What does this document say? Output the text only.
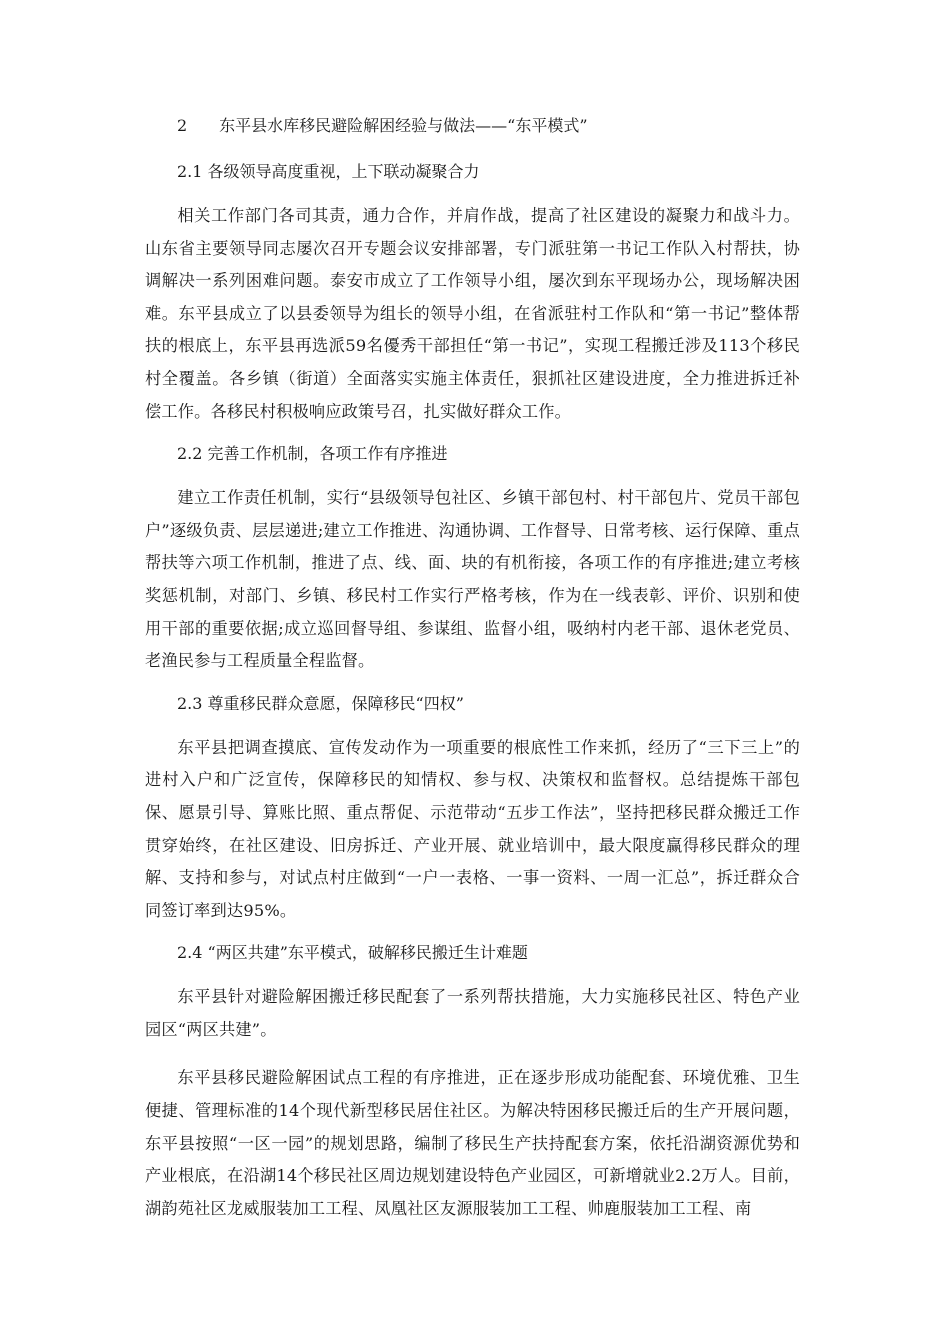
2　　东平县水库移民避险解困经验与做法——“东平模式”

2.1 各级领导高度重视，上下联动凝聚合力

相关工作部门各司其责，通力合作，并肩作战，提高了社区建设的凝聚力和战斗力。山东省主要领导同志屡次召开专题会议安排部署，专门派驻第一书记工作队入村帮扶，协调解决一系列困难问题。泰安市成立了工作领导小组，屡次到东平现场办公，现场解决困难。东平县成立了以县委领导为组长的领导小组，在省派驻村工作队和“第一书记”整体帮扶的根底上，东平县再选派59名優秀干部担任“第一书记”，实现工程搬迁涉及113个移民村全覆盖。各乡镇（街道）全面落实实施主体责任，狠抓社区建设进度，全力推进拆迁补偿工作。各移民村积极响应政策号召，扎实做好群众工作。

2.2 完善工作机制，各项工作有序推进

建立工作责任机制，实行“县级领导包社区、乡镇干部包村、村干部包片、党员干部包户”逐级负责、层层递进;建立工作推进、沟通协调、工作督导、日常考核、运行保障、重点帮扶等六项工作机制，推进了点、线、面、块的有机衔接，各项工作的有序推进;建立考核奖惩机制，对部门、乡镇、移民村工作实行严格考核，作为在一线表彰、评价、识别和使用干部的重要依据;成立巡回督导组、参谋组、监督小组，吸纳村内老干部、退休老党员、老渔民参与工程质量全程监督。

2.3 尊重移民群众意愿，保障移民“四权”

东平县把调查摸底、宣传发动作为一项重要的根底性工作来抓，经历了“三下三上”的进村入户和广泛宣传，保障移民的知情权、参与权、决策权和监督权。总结提炼干部包保、愿景引导、算账比照、重点帮促、示范带动“五步工作法”，坚持把移民群众搬迁工作贯穿始终，在社区建设、旧房拆迁、产业开展、就业培训中，最大限度赢得移民群众的理解、支持和参与，对试点村庄做到“一户一表格、一事一资料、一周一汇总”，拆迁群众合同签订率到达95%。

2.4 “两区共建”东平模式，破解移民搬迁生计难题

东平县针对避险解困搬迁移民配套了一系列帮扶措施，大力实施移民社区、特色产业园区“两区共建”。

东平县移民避险解困试点工程的有序推进，正在逐步形成功能配套、环境优雅、卫生便捷、管理标准的14个现代新型移民居住社区。为解决特困移民搬迁后的生产开展问题，东平县按照“一区一园”的规划思路，编制了移民生产扶持配套方案，依托沿湖资源优势和产业根底，在沿湖14个移民社区周边规划建设特色产业园区，可新增就业2.2万人。目前，湖韵苑社区龙威服装加工工程、凤凰社区友源服装加工工程、帅鹿服装加工工程、南
